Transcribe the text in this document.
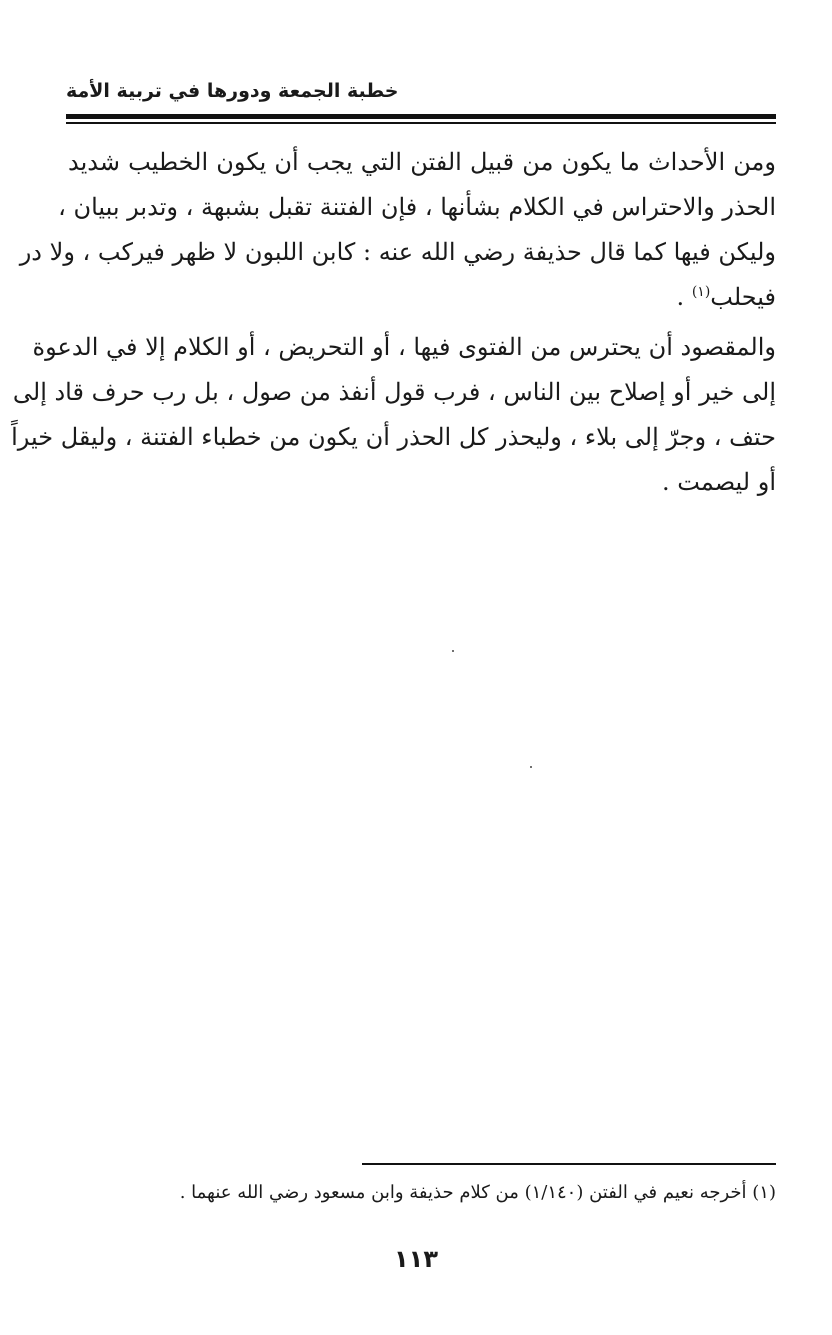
خطبة الجمعة ودورها في تربية الأمة
ومن الأحداث ما يكون من قبيل الفتن التي يجب أن يكون الخطيب شديد
الحذر والاحتراس في الكلام بشأنها ، فإن الفتنة تقبل بشبهة ، وتدبر ببيان ،
وليكن فيها كما قال حذيفة رضي الله عنه : كابن اللبون لا ظهر فيركب ، ولا در
فيحلب$^{(١)}$ .
والمقصود أن يحترس من الفتوى فيها ، أو التحريض ، أو الكلام إلا في الدعوة
إلى خير أو إصلاح بين الناس ، فرب قول أنفذ من صول ، بل رب حرف قاد إلى
حتف ، وجرّ إلى بلاء ، وليحذر كل الحذر أن يكون من خطباء الفتنة ، وليقل خيراً
أو ليصمت .
(١) أخرجه نعيم في الفتن (١/١٤٠) من كلام حذيفة وابن مسعود رضي الله عنهما .
١١٣
